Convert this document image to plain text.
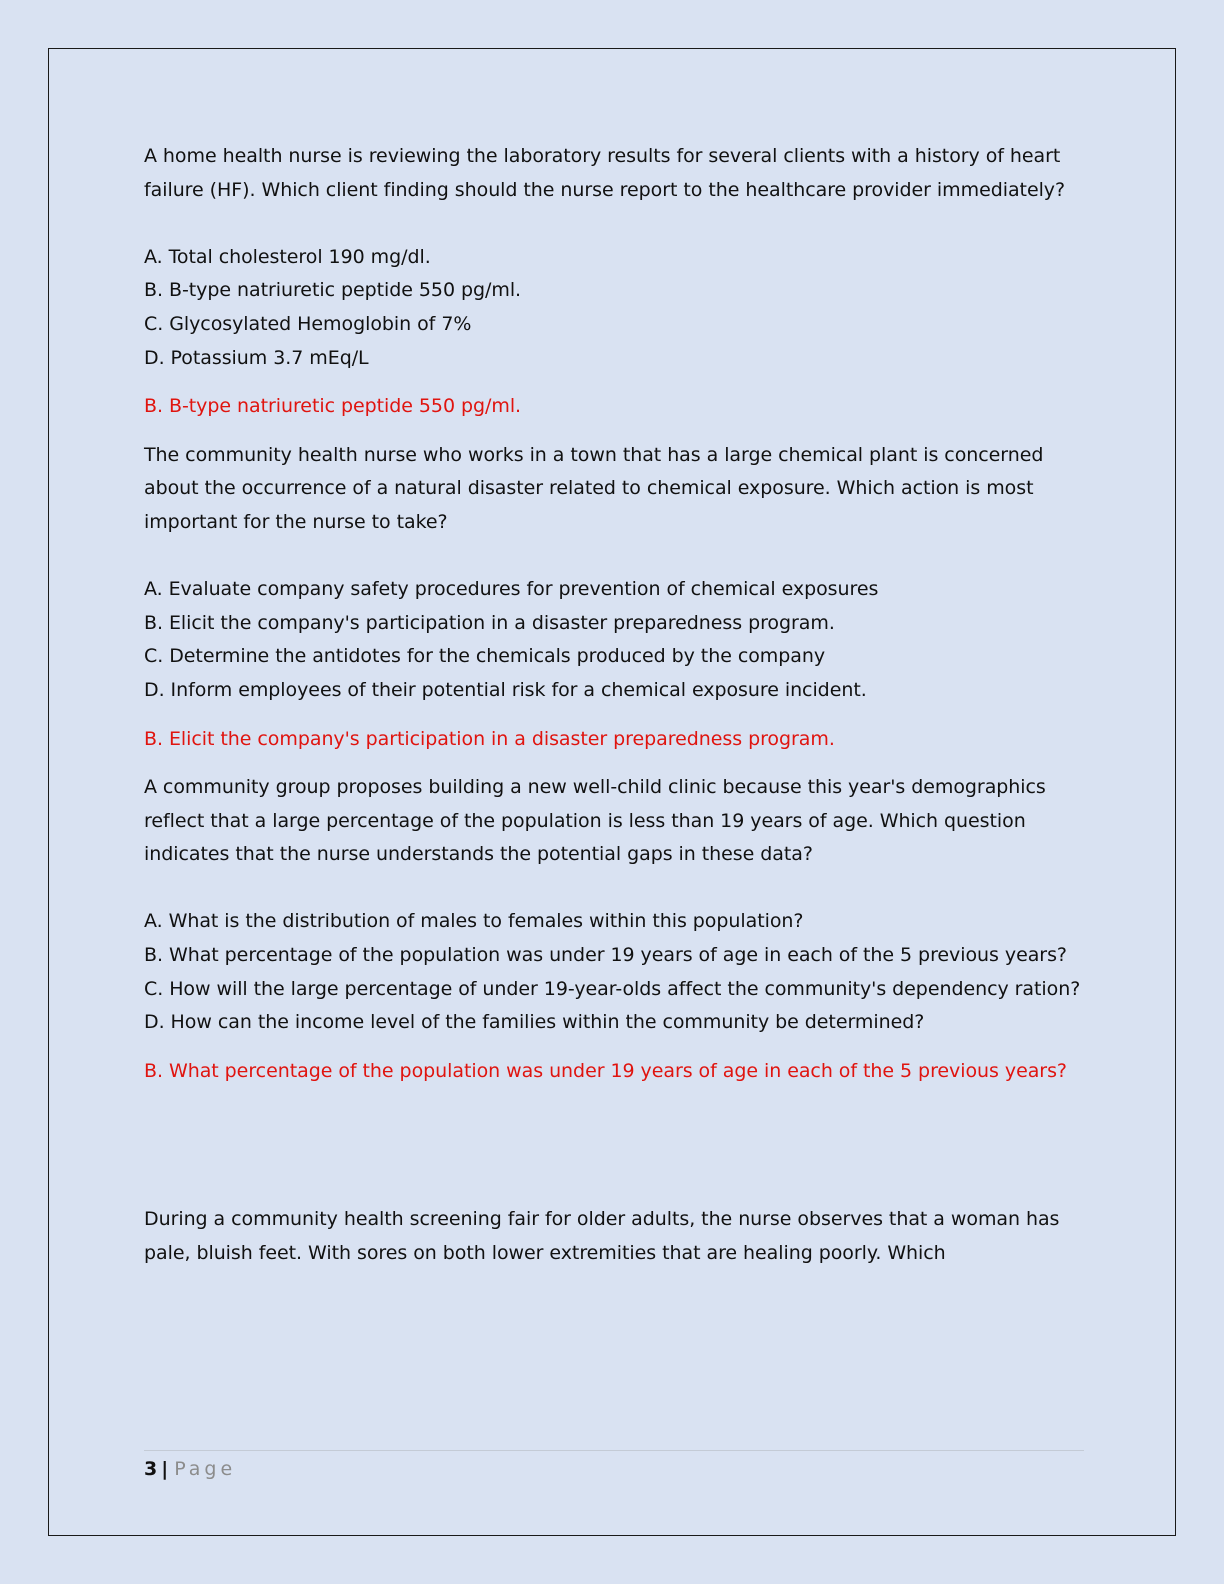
A home health nurse is reviewing the laboratory results for several clients with a history of heart failure (HF). Which client finding should the nurse report to the healthcare provider immediately?

A. Total cholesterol 190 mg/dl.
B. B-type natriuretic peptide 550 pg/ml.
C. Glycosylated Hemoglobin of 7%
D. Potassium 3.7 mEq/L

B. B-type natriuretic peptide 550 pg/ml.

The community health nurse who works in a town that has a large chemical plant is concerned about the occurrence of a natural disaster related to chemical exposure. Which action is most important for the nurse to take?

A. Evaluate company safety procedures for prevention of chemical exposures
B. Elicit the company's participation in a disaster preparedness program.
C. Determine the antidotes for the chemicals produced by the company
D. Inform employees of their potential risk for a chemical exposure incident.

B. Elicit the company's participation in a disaster preparedness program.

A community group proposes building a new well-child clinic because this year's demographics reflect that a large percentage of the population is less than 19 years of age. Which question indicates that the nurse understands the potential gaps in these data?

A. What is the distribution of males to females within this population?
B. What percentage of the population was under 19 years of age in each of the 5 previous years?
C. How will the large percentage of under 19-year-olds affect the community's dependency ration?
D. How can the income level of the families within the community be determined?

B. What percentage of the population was under 19 years of age in each of the 5 previous years?

During a community health screening fair for older adults, the nurse observes that a woman has pale, bluish feet. With sores on both lower extremities that are healing poorly. Which

3 | Page
